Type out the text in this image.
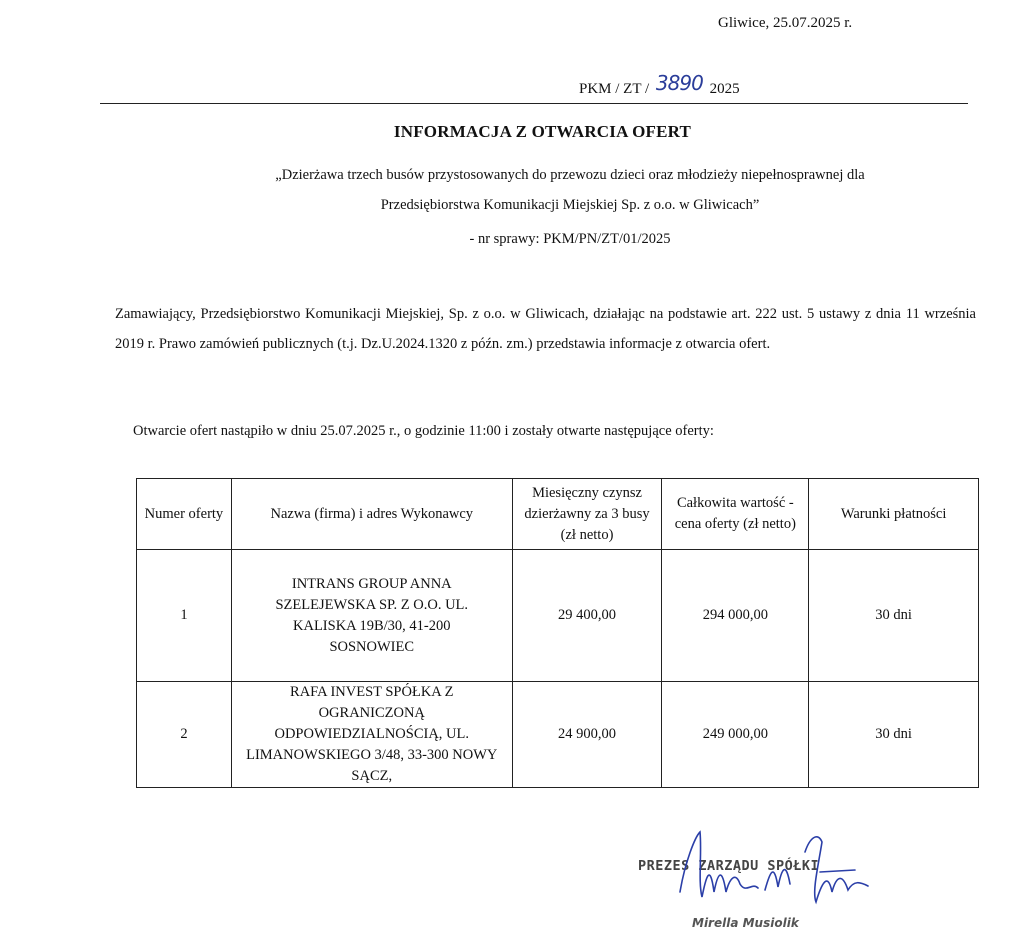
Gliwice, 25.07.2025 r.
PKM / ZT / 3890 2025
INFORMACJA Z OTWARCIA OFERT
„Dzierżawa trzech busów przystosowanych do przewozu dzieci oraz młodzieży niepełnosprawnej dla
Przedsiębiorstwa Komunikacji Miejskiej Sp. z o.o. w Gliwicach”
- nr sprawy: PKM/PN/ZT/01/2025
Zamawiający, Przedsiębiorstwo Komunikacji Miejskiej, Sp. z o.o. w Gliwicach, działając na podstawie art. 222 ust. 5 ustawy z dnia 11 września 2019 r. Prawo zamówień publicznych (t.j. Dz.U.2024.1320 z późn. zm.) przedstawia informacje z otwarcia ofert.
Otwarcie ofert nastąpiło w dniu 25.07.2025 r., o godzinie 11:00 i zostały otwarte następujące oferty:
Numer oferty	Nazwa (firma) i adres Wykonawcy	Miesięczny czynsz dzierżawny za 3 busy (zł netto)	Całkowita wartość - cena oferty (zł netto)	Warunki płatności
1	INTRANS GROUP ANNA SZELEJEWSKA SP. Z O.O. UL. KALISKA 19B/30, 41-200 SOSNOWIEC	29 400,00	294 000,00	30 dni
2	RAFA INVEST SPÓŁKA Z OGRANICZONĄ ODPOWIEDZIALNOŚCIĄ, UL. LIMANOWSKIEGO 3/48, 33-300 NOWY SĄCZ,	24 900,00	249 000,00	30 dni
PREZES ZARZĄDU SPÓŁKI
Mirella Musiolik
